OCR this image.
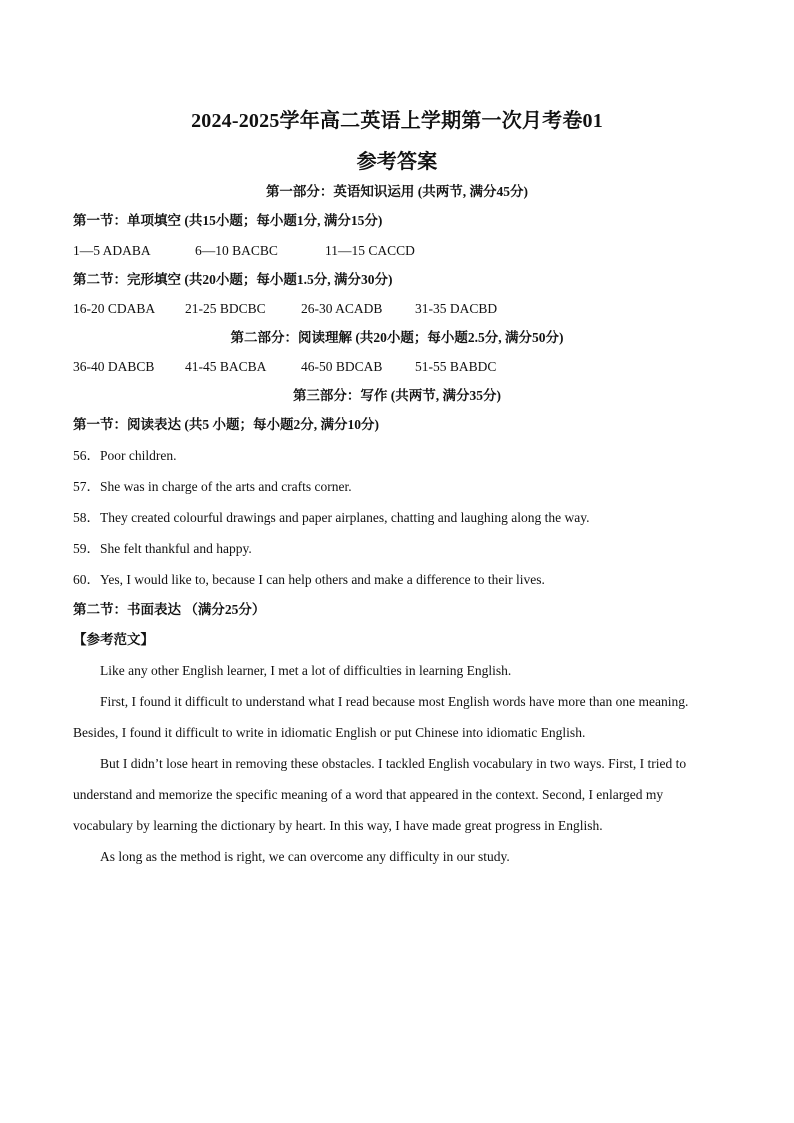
2024-2025学年高二英语上学期第一次月考卷01
参考答案
第一部分：英语知识运用 (共两节, 满分45分)
第一节：单项填空 (共15小题；每小题1分, 满分15分)
1—5 ADABA	6—10 BACBC	11—15 CACCD
第二节：完形填空 (共20小题；每小题1.5分, 满分30分)
16-20 CDABA 21-25 BDCBC	26-30 ACADB 31-35 DACBD
第二部分：阅读理解 (共20小题；每小题2.5分, 满分50分)
36-40 DABCB 41-45 BACBA	46-50 BDCAB 51-55 BABDC
第三部分：写作 (共两节, 满分35分)
第一节：阅读表达 (共5 小题；每小题2分, 满分10分)
56．Poor children.
57．She was in charge of the arts and crafts corner.
58．They created colourful drawings and paper airplanes, chatting and laughing along the way.
59．She felt thankful and happy.
60．Yes, I would like to, because I can help others and make a difference to their lives.
第二节：书面表达 （满分25分）
【参考范文】
Like any other English learner, I met a lot of difficulties in learning English.
First, I found it difficult to understand what I read because most English words have more than one meaning.
Besides, I found it difficult to write in idiomatic English or put Chinese into idiomatic English.
But I didn’t lose heart in removing these obstacles. I tackled English vocabulary in two ways. First, I tried to
understand and memorize the specific meaning of a word that appeared in the context. Second, I enlarged my
vocabulary by learning the dictionary by heart. In this way, I have made great progress in English.
As long as the method is right, we can overcome any difficulty in our study.
